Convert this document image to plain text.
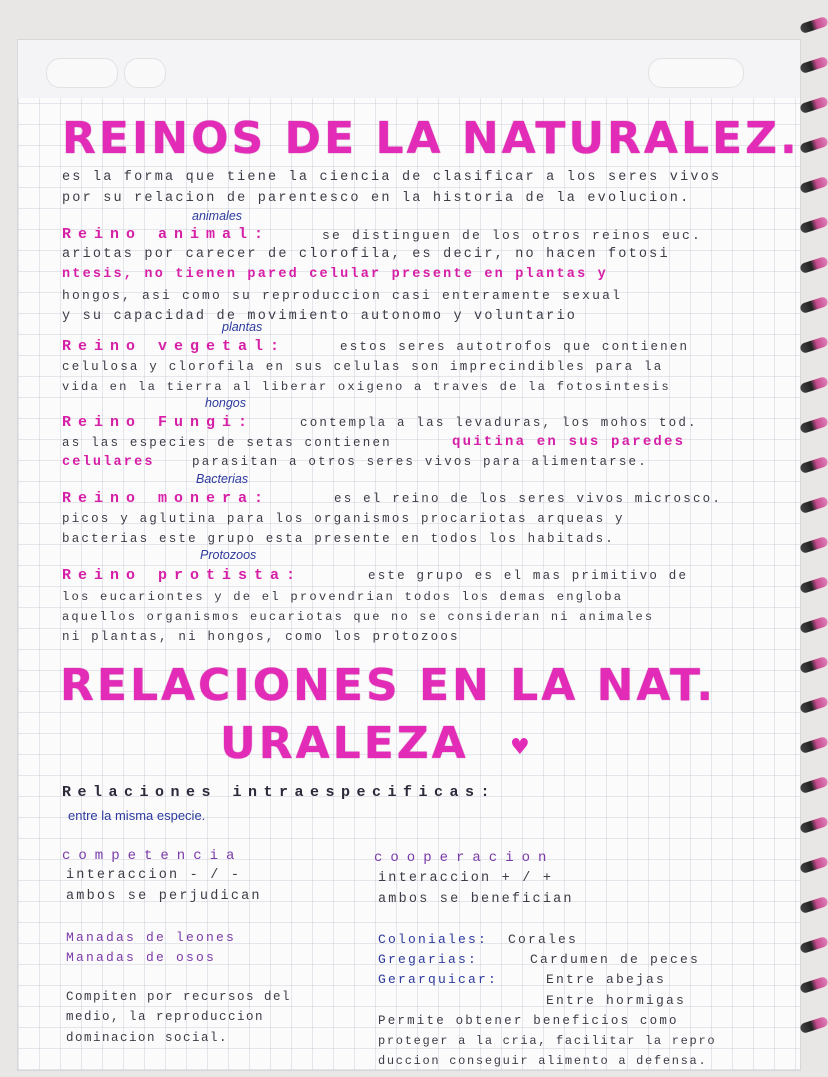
REINOS DE LA NATURALEZ.
es la forma que tiene la ciencia de clasificar a los seres vivos
por su relacion de parentesco en la historia de la evolucion.
animales
Reino animal:	se distinguen de los otros reinos euc.
ariotas por carecer de clorofila, es decir, no hacen fotosi
ntesis, no tienen pared celular presente en plantas y
hongos, asi como su reproduccion casi enteramente sexual
y su capacidad de movimiento autonomo y voluntario
plantas
Reino vegetal:	estos seres autotrofos que contienen
celulosa y clorofila en sus celulas son imprecindibles para la
vida en la tierra al liberar oxigeno a traves de la fotosintesis
hongos
Reino Fungi:	contempla a las levaduras, los mohos tod.
as las especies de setas contienen	quitina en sus paredes
celulares	parasitan a otros seres vivos para alimentarse.
Bacterias
Reino monera:	es el reino de los seres vivos microsco.
picos y aglutina para los organismos procariotas arqueas y
bacterias este grupo esta presente en todos los habitads.
Protozoos
Reino protista:	este grupo es el mas primitivo de
los eucariontes y de el provendrian todos los demas engloba
aquellos organismos eucariotas que no se consideran ni animales
ni plantas, ni hongos, como los protozoos
RELACIONES EN LA NAT.
URALEZA ♥
Relaciones intraespecificas:
entre la misma especie.
competencia
interaccion - / -
ambos se perjudican
Manadas de leones
Manadas de osos
Compiten por recursos del
medio, la reproduccion
dominacion social.
cooperacion
interaccion + / +
ambos se benefician
Coloniales: Corales
Gregarias:	Cardumen de peces
Gerarquicar:	Entre abejas
Entre hormigas
Permite obtener beneficios como
proteger a la cria, facilitar la repro
duccion conseguir alimento a defensa.
